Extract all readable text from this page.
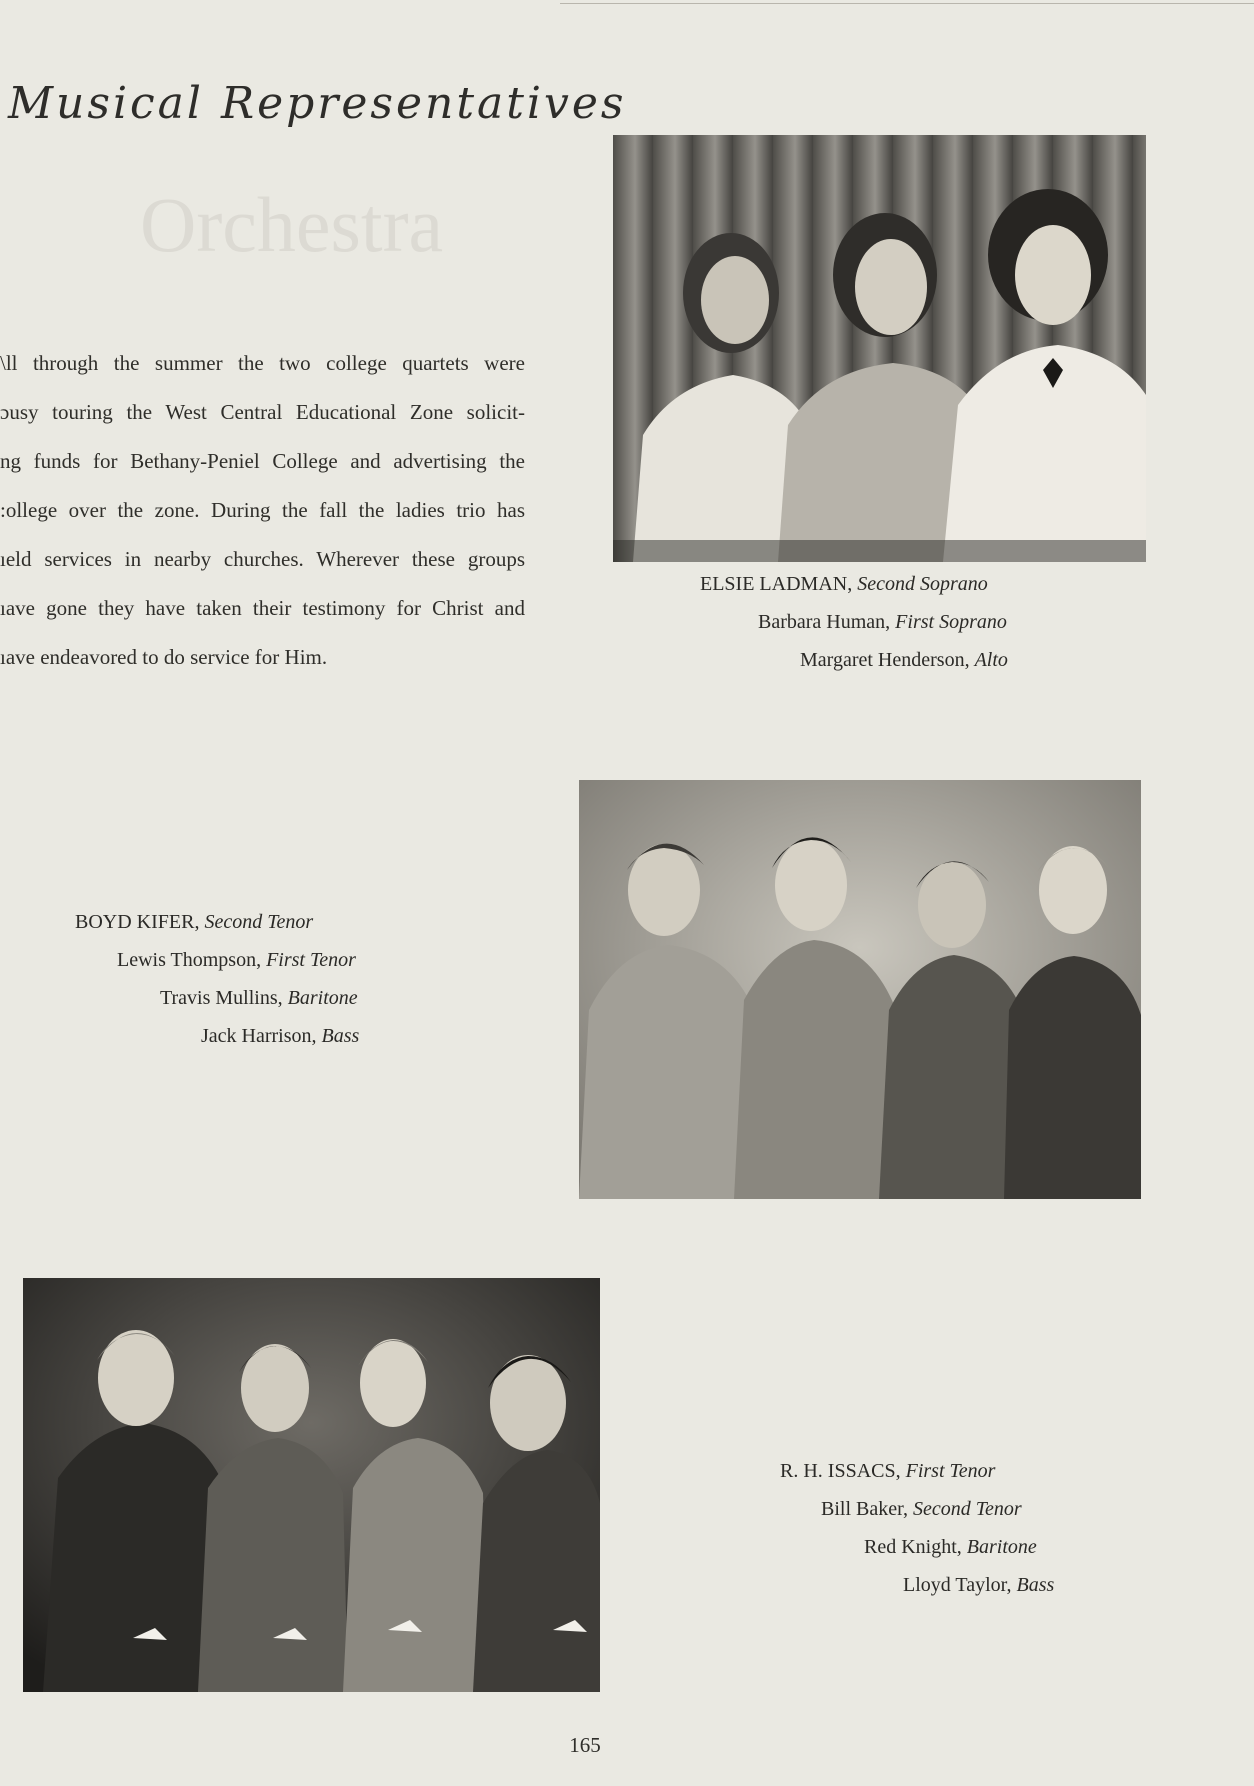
Orchestra
Musical Representatives
\ll through the summer the two college quartets were
ɔusy touring the West Central Educational Zone solicit-
ng funds for Bethany-Peniel College and advertising the
:ollege over the zone. During the fall the ladies trio has
ıeld services in nearby churches. Wherever these groups
ıave gone they have taken their testimony for Christ and
ıave endeavored to do service for Him.
ELSIE LADMAN, Second Soprano
Barbara Human, First Soprano
Margaret Henderson, Alto
BOYD KIFER, Second Tenor
Lewis Thompson, First Tenor
Travis Mullins, Baritone
Jack Harrison, Bass
R. H. ISSACS, First Tenor
Bill Baker, Second Tenor
Red Knight, Baritone
Lloyd Taylor, Bass
165
